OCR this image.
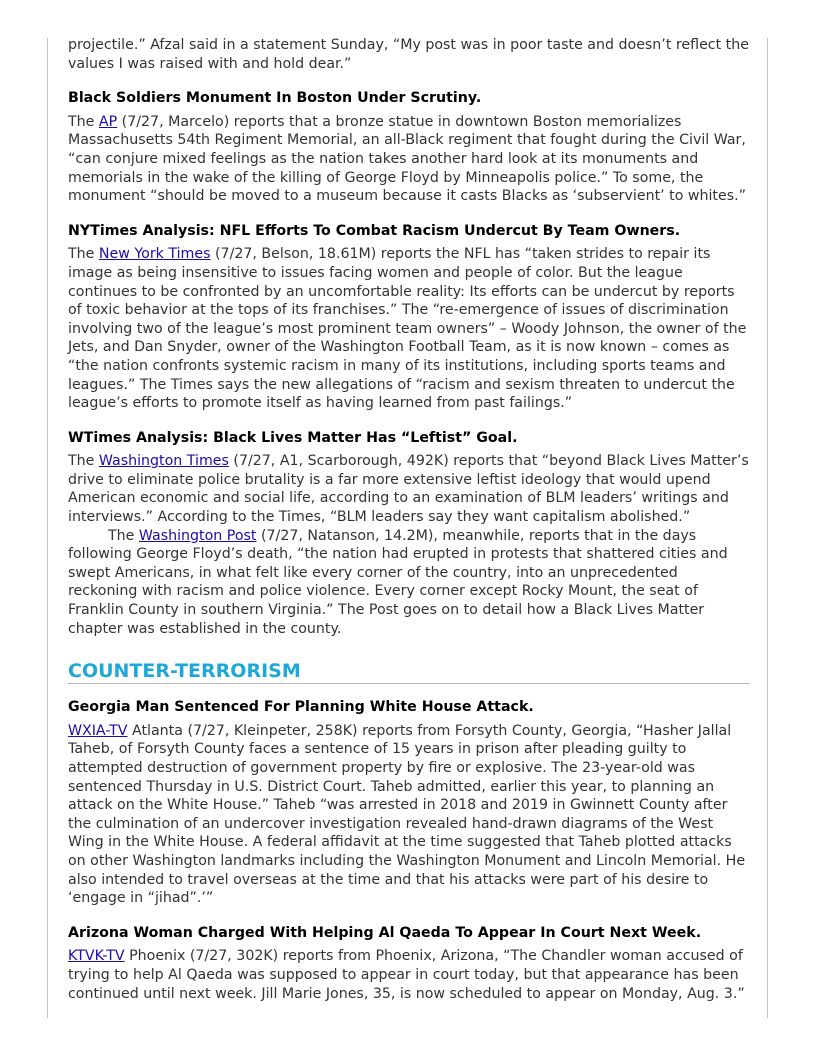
projectile.” Afzal said in a statement Sunday, “My post was in poor taste and doesn’t reflect the values I was raised with and hold dear.”

Black Soldiers Monument In Boston Under Scrutiny.

The AP (7/27, Marcelo) reports that a bronze statue in downtown Boston memorializes Massachusetts 54th Regiment Memorial, an all-Black regiment that fought during the Civil War, “can conjure mixed feelings as the nation takes another hard look at its monuments and memorials in the wake of the killing of George Floyd by Minneapolis police.” To some, the monument “should be moved to a museum because it casts Blacks as ‘subservient’ to whites.”

NYTimes Analysis: NFL Efforts To Combat Racism Undercut By Team Owners.

The New York Times (7/27, Belson, 18.61M) reports the NFL has “taken strides to repair its image as being insensitive to issues facing women and people of color. But the league continues to be confronted by an uncomfortable reality: Its efforts can be undercut by reports of toxic behavior at the tops of its franchises.” The “re-emergence of issues of discrimination involving two of the league’s most prominent team owners” – Woody Johnson, the owner of the Jets, and Dan Snyder, owner of the Washington Football Team, as it is now known – comes as “the nation confronts systemic racism in many of its institutions, including sports teams and leagues.” The Times says the new allegations of “racism and sexism threaten to undercut the league’s efforts to promote itself as having learned from past failings.”

WTimes Analysis: Black Lives Matter Has “Leftist” Goal.

The Washington Times (7/27, A1, Scarborough, 492K) reports that “beyond Black Lives Matter’s drive to eliminate police brutality is a far more extensive leftist ideology that would upend American economic and social life, according to an examination of BLM leaders’ writings and interviews.” According to the Times, “BLM leaders say they want capitalism abolished.”

The Washington Post (7/27, Natanson, 14.2M), meanwhile, reports that in the days following George Floyd’s death, “the nation had erupted in protests that shattered cities and swept Americans, in what felt like every corner of the country, into an unprecedented reckoning with racism and police violence. Every corner except Rocky Mount, the seat of Franklin County in southern Virginia.” The Post goes on to detail how a Black Lives Matter chapter was established in the county.

COUNTER-TERRORISM
Georgia Man Sentenced For Planning White House Attack.

WXIA-TV Atlanta (7/27, Kleinpeter, 258K) reports from Forsyth County, Georgia, “Hasher Jallal Taheb, of Forsyth County faces a sentence of 15 years in prison after pleading guilty to attempted destruction of government property by fire or explosive. The 23-year-old was sentenced Thursday in U.S. District Court. Taheb admitted, earlier this year, to planning an attack on the White House.” Taheb “was arrested in 2018 and 2019 in Gwinnett County after the culmination of an undercover investigation revealed hand-drawn diagrams of the West Wing in the White House. A federal affidavit at the time suggested that Taheb plotted attacks on other Washington landmarks including the Washington Monument and Lincoln Memorial. He also intended to travel overseas at the time and that his attacks were part of his desire to ‘engage in “jihad”.’”

Arizona Woman Charged With Helping Al Qaeda To Appear In Court Next Week.

KTVK-TV Phoenix (7/27, 302K) reports from Phoenix, Arizona, “The Chandler woman accused of trying to help Al Qaeda was supposed to appear in court today, but that appearance has been continued until next week. Jill Marie Jones, 35, is now scheduled to appear on Monday, Aug. 3.”
